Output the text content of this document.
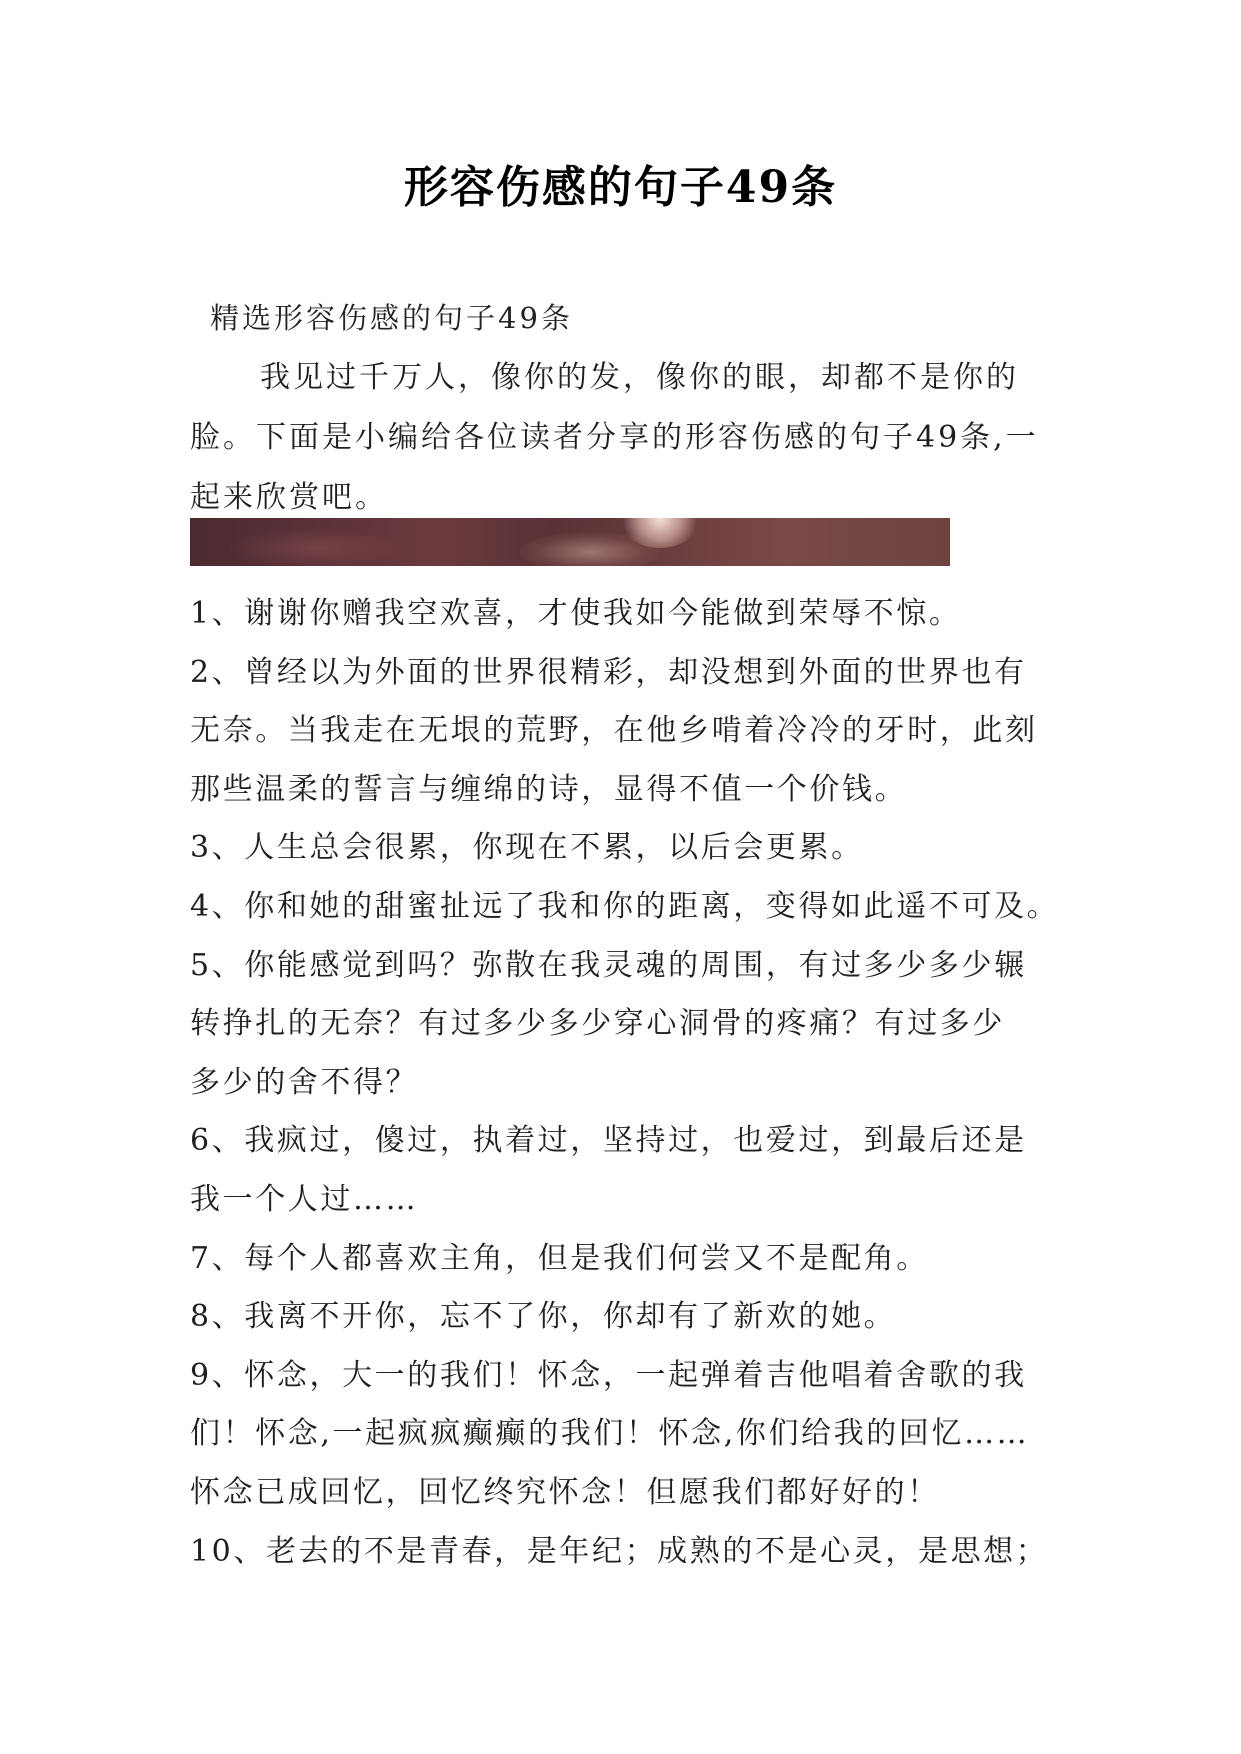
形容伤感的句子49条
精选形容伤感的句子49条

我见过千万人，像你的发，像你的眼，却都不是你的脸。下面是小编给各位读者分享的形容伤感的句子49条,一起来欣赏吧。

1、谢谢你赠我空欢喜，才使我如今能做到荣辱不惊。
2、曾经以为外面的世界很精彩，却没想到外面的世界也有
无奈。当我走在无垠的荒野，在他乡啃着冷冷的牙时，此刻
那些温柔的誓言与缠绵的诗，显得不值一个价钱。
3、人生总会很累，你现在不累，以后会更累。
4、你和她的甜蜜扯远了我和你的距离，变得如此遥不可及。
5、你能感觉到吗？弥散在我灵魂的周围，有过多少多少辗
转挣扎的无奈？有过多少多少穿心洞骨的疼痛？有过多少
多少的舍不得？
6、我疯过，傻过，执着过，坚持过，也爱过，到最后还是
我一个人过……
7、每个人都喜欢主角，但是我们何尝又不是配角。
8、我离不开你，忘不了你，你却有了新欢的她。
9、怀念，大一的我们！怀念，一起弹着吉他唱着舍歌的我
们！怀念,一起疯疯癫癫的我们！怀念,你们给我的回忆……
怀念已成回忆，回忆终究怀念！但愿我们都好好的！
10、老去的不是青春，是年纪；成熟的不是心灵，是思想；
